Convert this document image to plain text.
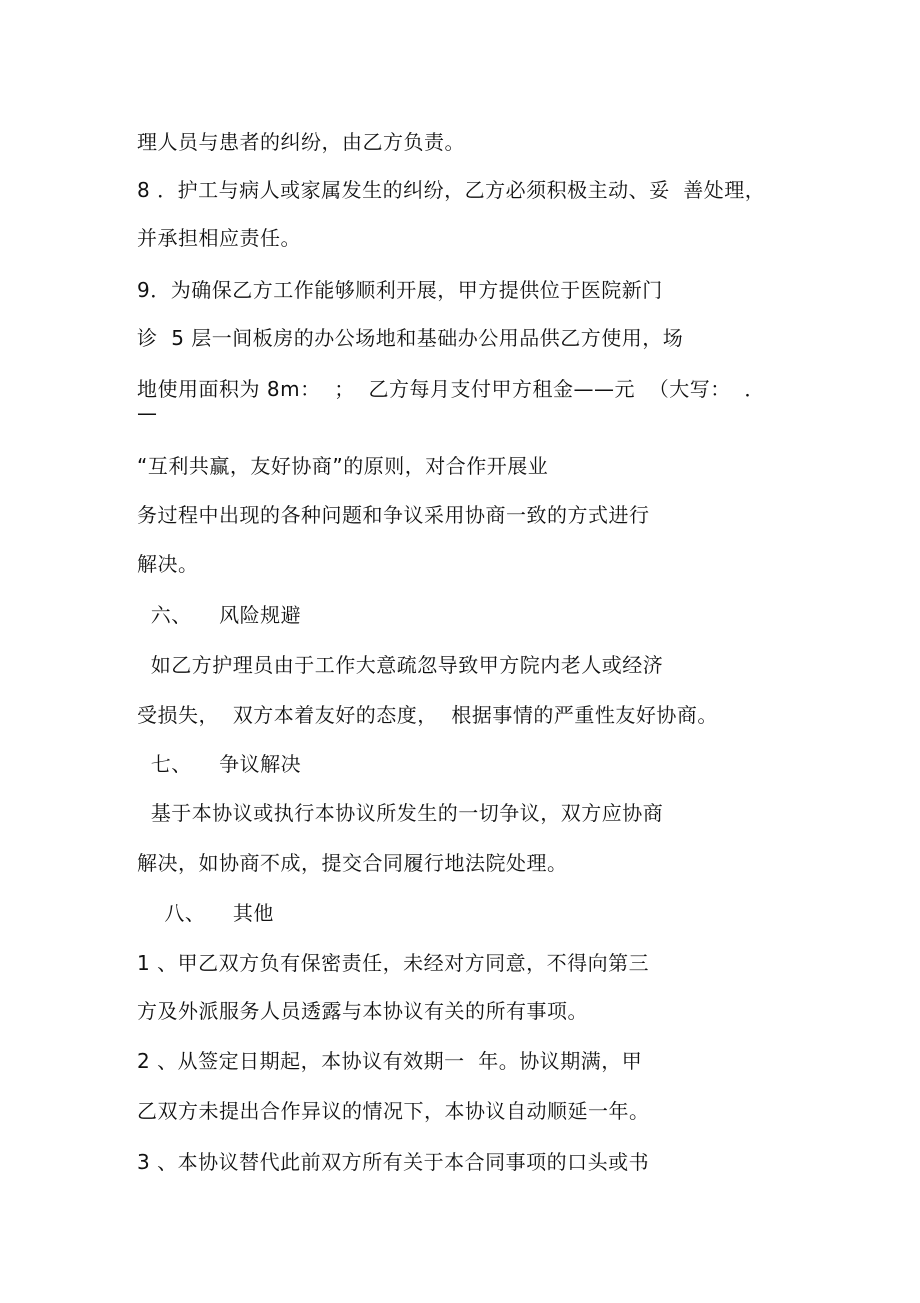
理人员与患者的纠纷，由乙方负责。
8 ．护工与病人或家属发生的纠纷，乙方必须积极主动、妥  善处理，
并承担相应责任。
9．为确保乙方工作能够顺利开展，甲方提供位于医院新门
诊  5 层一间板房的办公场地和基础办公用品供乙方使用，场
地使用面积为 8m：  ；  乙方每月支付甲方租金——元  （大写：  ．
—
“互利共赢，友好协商”的原则，对合作开展业
务过程中出现的各种问题和争议采用协商一致的方式进行
解决。
六、    风险规避
如乙方护理员由于工作大意疏忽导致甲方院内老人或经济
受损失，  双方本着友好的态度，  根据事情的严重性友好协商。
七、    争议解决
基于本协议或执行本协议所发生的一切争议，双方应协商
解决，如协商不成，提交合同履行地法院处理。
八、    其他
1 、甲乙双方负有保密责任，未经对方同意，不得向第三
方及外派服务人员透露与本协议有关的所有事项。
2 、从签定日期起，本协议有效期一  年。协议期满，甲
乙双方未提出合作异议的情况下，本协议自动顺延一年。
3 、本协议替代此前双方所有关于本合同事项的口头或书
